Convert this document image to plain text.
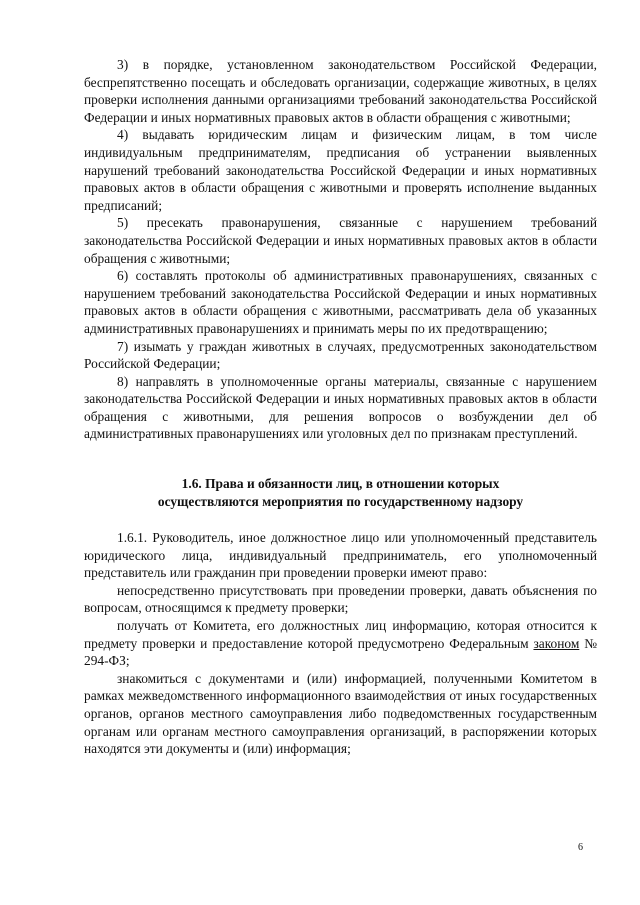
3) в порядке, установленном законодательством Российской Федерации, беспрепятственно посещать и обследовать организации, содержащие животных, в целях проверки исполнения данными организациями требований законодательства Российской Федерации и иных нормативных правовых актов в области обращения с животными;

4) выдавать юридическим лицам и физическим лицам, в том числе индивидуальным предпринимателям, предписания об устранении выявленных нарушений требований законодательства Российской Федерации и иных нормативных правовых актов в области обращения с животными и проверять исполнение выданных предписаний;

5) пресекать правонарушения, связанные с нарушением требований законодательства Российской Федерации и иных нормативных правовых актов в области обращения с животными;

6) составлять протоколы об административных правонарушениях, связанных с нарушением требований законодательства Российской Федерации и иных нормативных правовых актов в области обращения с животными, рассматривать дела об указанных административных правонарушениях и принимать меры по их предотвращению;

7) изымать у граждан животных в случаях, предусмотренных законодательством Российской Федерации;

8) направлять в уполномоченные органы материалы, связанные с нарушением законодательства Российской Федерации и иных нормативных правовых актов в области обращения с животными, для решения вопросов о возбуждении дел об административных правонарушениях или уголовных дел по признакам преступлений.

1.6. Права и обязанности лиц, в отношении которых

осуществляются мероприятия по государственному надзору

1.6.1. Руководитель, иное должностное лицо или уполномоченный представитель юридического лица, индивидуальный предприниматель, его уполномоченный представитель или гражданин при проведении проверки имеют право:

непосредственно присутствовать при проведении проверки, давать объяснения по вопросам, относящимся к предмету проверки;

получать от Комитета, его должностных лиц информацию, которая относится к предмету проверки и предоставление которой предусмотрено Федеральным законом № 294-ФЗ;

знакомиться с документами и (или) информацией, полученными Комитетом в рамках межведомственного информационного взаимодействия от иных государственных органов, органов местного самоуправления либо подведомственных государственным органам или органам местного самоуправления организаций, в распоряжении которых находятся эти документы и (или) информация;

6
